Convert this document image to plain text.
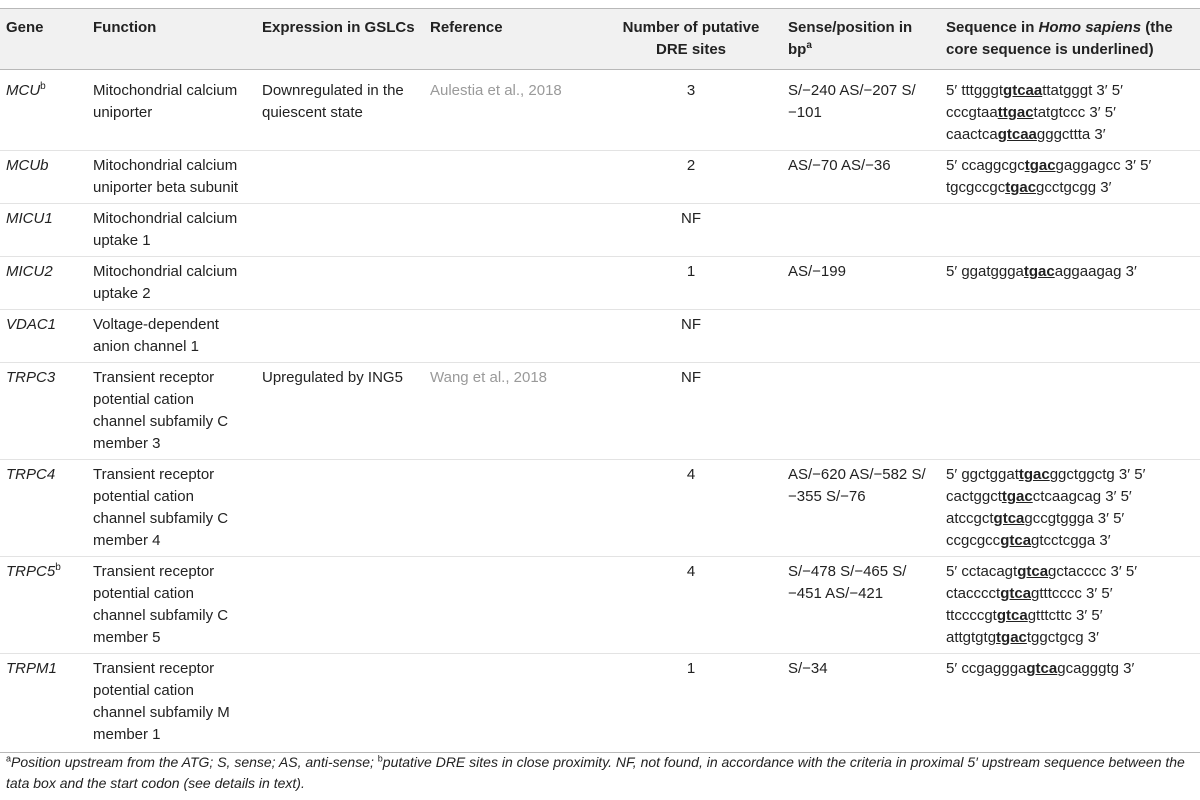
Gene	Function	Expression in GSLCs	Reference	Number of putative DRE sites	Sense/position in $bp^a$	Sequence in Homo sapiens (the core sequence is underlined)
MCU$^b$	Mitochondrial calcium uniporter	Downregulated in the quiescent state	Aulestia et al., 2018	3	S/−240 AS/−207 S/−101	5′ tttgggtgtcaattatgggt 3′ 5′ cccgtaattgactatgtccc 3′ 5′ caactcagtcaagggcttta 3′
MCUb	Mitochondrial calcium uniporter beta subunit			2	AS/−70 AS/−36	5′ ccaggcgctgacgaggagcc 3′ 5′ tgcgccgctgacgcctgcgg 3′
MICU1	Mitochondrial calcium uptake 1			NF		
MICU2	Mitochondrial calcium uptake 2			1	AS/−199	5′ ggatgggatgacaggaagag 3′
VDAC1	Voltage-dependent anion channel 1			NF		
TRPC3	Transient receptor potential cation channel subfamily C member 3	Upregulated by ING5	Wang et al., 2018	NF		
TRPC4	Transient receptor potential cation channel subfamily C member 4			4	AS/−620 AS/−582 S/−355 S/−76	5′ ggctggattgacggctggctg 3′ 5′ cactggcttgacctcaagcag 3′ 5′ atccgctgtcagccgtggga 3′ 5′ ccgcgccgtcagtcctcgga 3′
TRPC5$^b$	Transient receptor potential cation channel subfamily C member 5			4	S/−478 S/−465 S/−451 AS/−421	5′ cctacagtgtcagctacccc 3′ 5′ ctacccctgtcagtttcccc 3′ 5′ ttccccgtgtcagtttcttc 3′ 5′ attgtgtgtgactggctgcg 3′
TRPM1	Transient receptor potential cation channel subfamily M member 1			1	S/−34	5′ ccgagggagtcagcagggtg 3′
$^a$Position upstream from the ATG; S, sense; AS, anti-sense; $^b$putative DRE sites in close proximity. NF, not found, in accordance with the criteria in proximal 5′ upstream sequence between the tata box and the start codon (see details in text).
